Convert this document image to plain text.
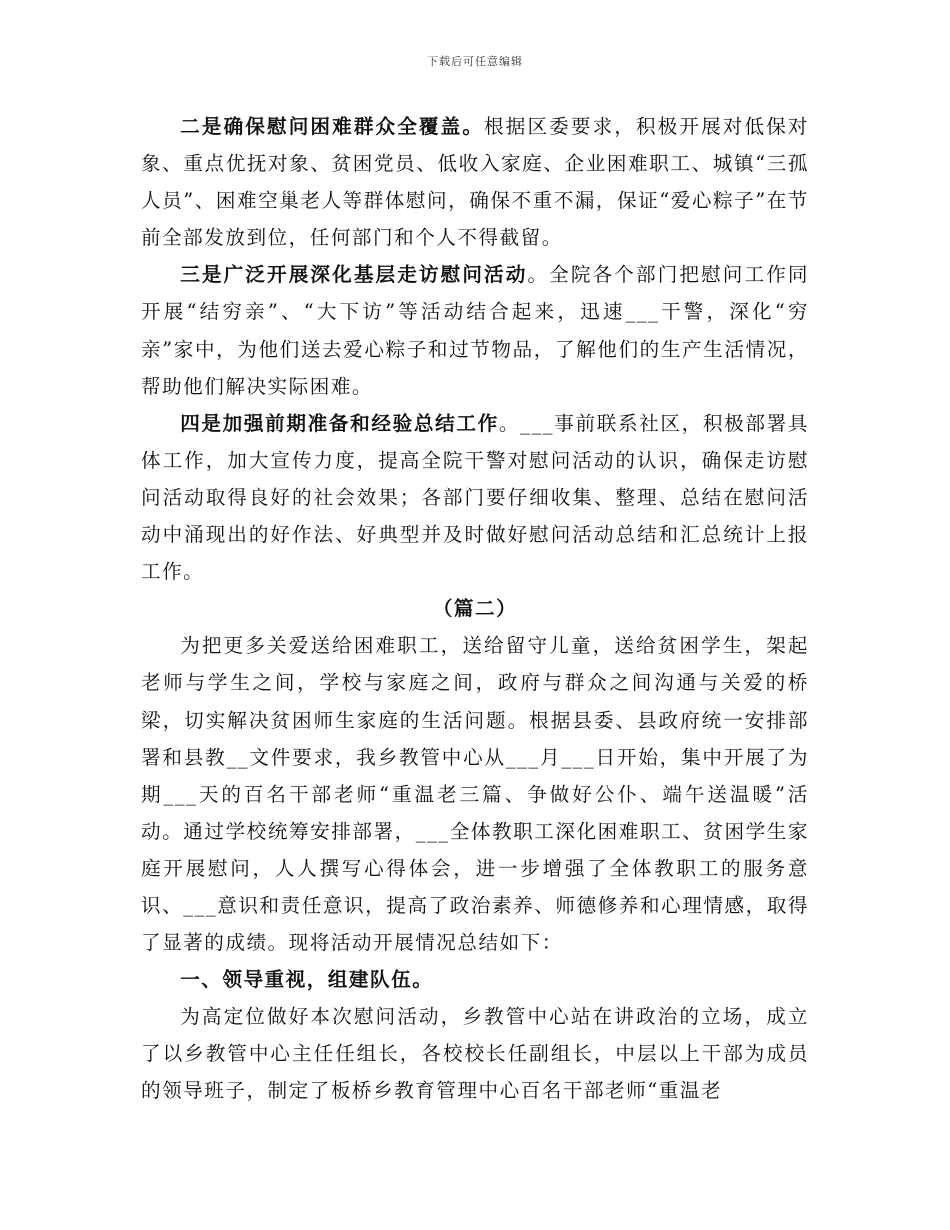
下载后可任意编辑

二是确保慰问困难群众全覆盖。根据区委要求，积极开展对低保对象、重点优抚对象、贫困党员、低收入家庭、企业困难职工、城镇“三孤人员”、困难空巢老人等群体慰问，确保不重不漏，保证“爱心粽子”在节前全部发放到位，任何部门和个人不得截留。

三是广泛开展深化基层走访慰问活动。全院各个部门把慰问工作同开展“结穷亲”、“大下访”等活动结合起来，迅速___干警，深化“穷亲”家中，为他们送去爱心粽子和过节物品，了解他们的生产生活情况，帮助他们解决实际困难。

四是加强前期准备和经验总结工作。___事前联系社区，积极部署具体工作，加大宣传力度，提高全院干警对慰问活动的认识，确保走访慰问活动取得良好的社会效果；各部门要仔细收集、整理、总结在慰问活动中涌现出的好作法、好典型并及时做好慰问活动总结和汇总统计上报工作。

（篇二）

为把更多关爱送给困难职工，送给留守儿童，送给贫困学生，架起老师与学生之间，学校与家庭之间，政府与群众之间沟通与关爱的桥梁，切实解决贫困师生家庭的生活问题。根据县委、县政府统一安排部署和县教__文件要求，我乡教管中心从___月___日开始，集中开展了为期___天的百名干部老师“重温老三篇、争做好公仆、端午送温暖”活动。通过学校统筹安排部署，___全体教职工深化困难职工、贫困学生家庭开展慰问，人人撰写心得体会，进一步增强了全体教职工的服务意识、___意识和责任意识，提高了政治素养、师德修养和心理情感，取得了显著的成绩。现将活动开展情况总结如下：

一、领导重视，组建队伍。

为高定位做好本次慰问活动，乡教管中心站在讲政治的立场，成立了以乡教管中心主任任组长，各校校长任副组长，中层以上干部为成员的领导班子，制定了板桥乡教育管理中心百名干部老师“重温老
